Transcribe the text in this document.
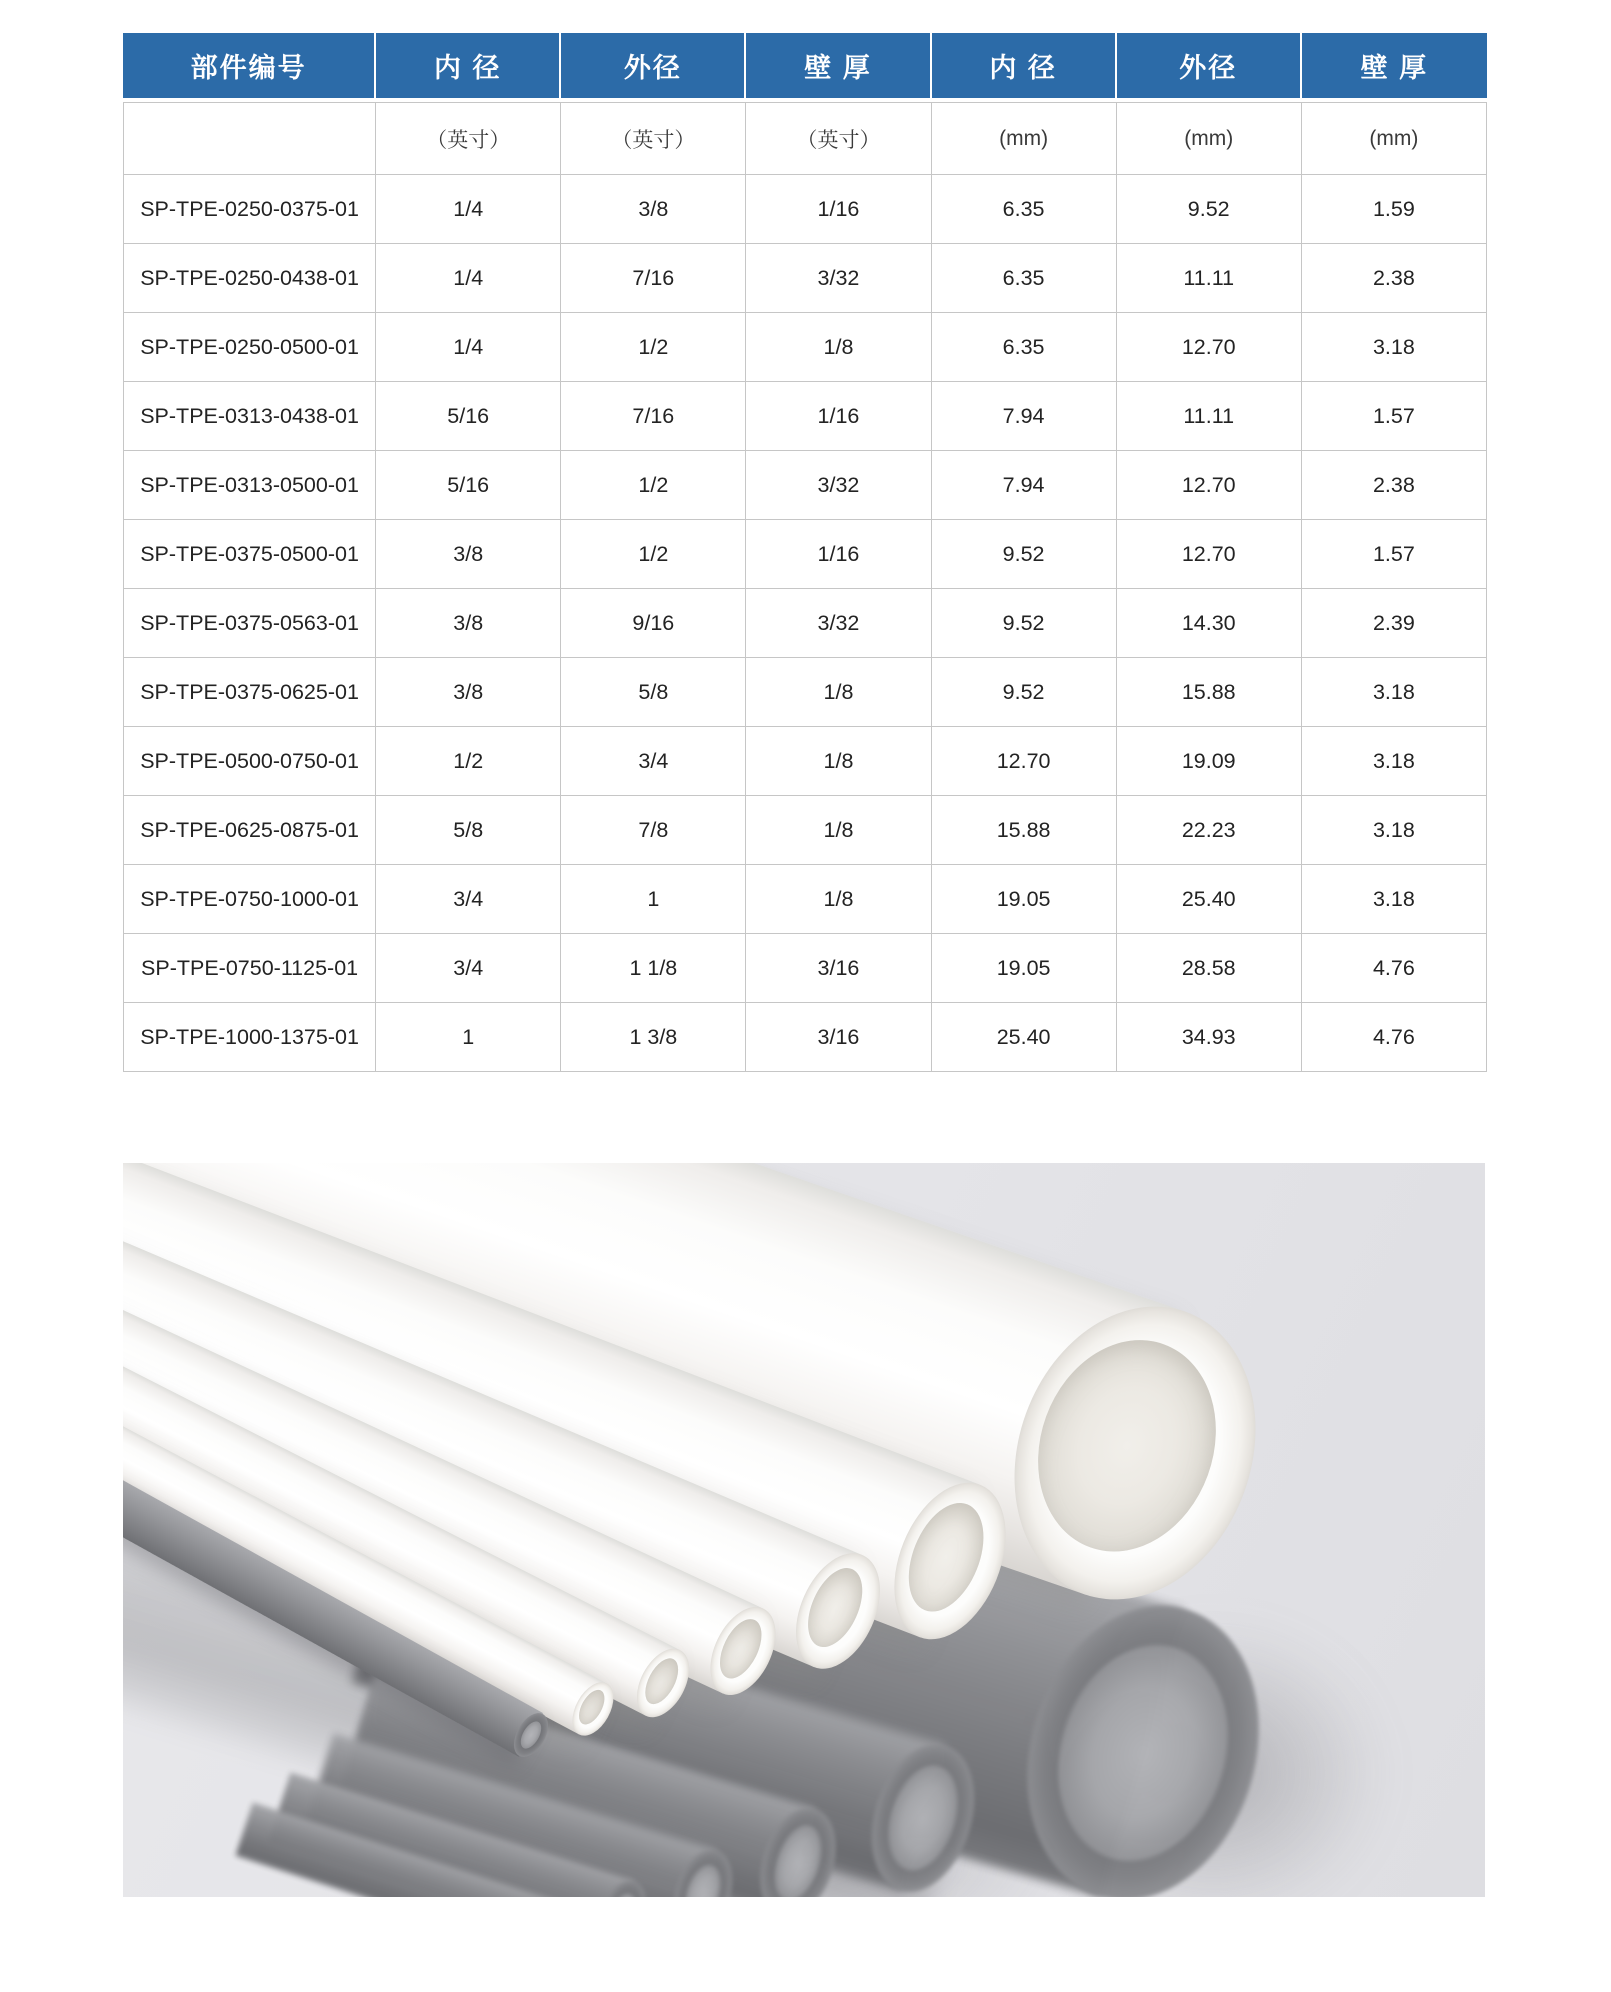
部件编号	内 径	外径	壁 厚	内 径	外径	壁 厚
	（英寸）	（英寸）	（英寸）	(mm)	(mm)	(mm)
SP-TPE-0250-0375-01	1/4	3/8	1/16	6.35	9.52	1.59
SP-TPE-0250-0438-01	1/4	7/16	3/32	6.35	11.11	2.38
SP-TPE-0250-0500-01	1/4	1/2	1/8	6.35	12.70	3.18
SP-TPE-0313-0438-01	5/16	7/16	1/16	7.94	11.11	1.57
SP-TPE-0313-0500-01	5/16	1/2	3/32	7.94	12.70	2.38
SP-TPE-0375-0500-01	3/8	1/2	1/16	9.52	12.70	1.57
SP-TPE-0375-0563-01	3/8	9/16	3/32	9.52	14.30	2.39
SP-TPE-0375-0625-01	3/8	5/8	1/8	9.52	15.88	3.18
SP-TPE-0500-0750-01	1/2	3/4	1/8	12.70	19.09	3.18
SP-TPE-0625-0875-01	5/8	7/8	1/8	15.88	22.23	3.18
SP-TPE-0750-1000-01	3/4	1	1/8	19.05	25.40	3.18
SP-TPE-0750-1125-01	3/4	1 1/8	3/16	19.05	28.58	4.76
SP-TPE-1000-1375-01	1	1 3/8	3/16	25.40	34.93	4.76
